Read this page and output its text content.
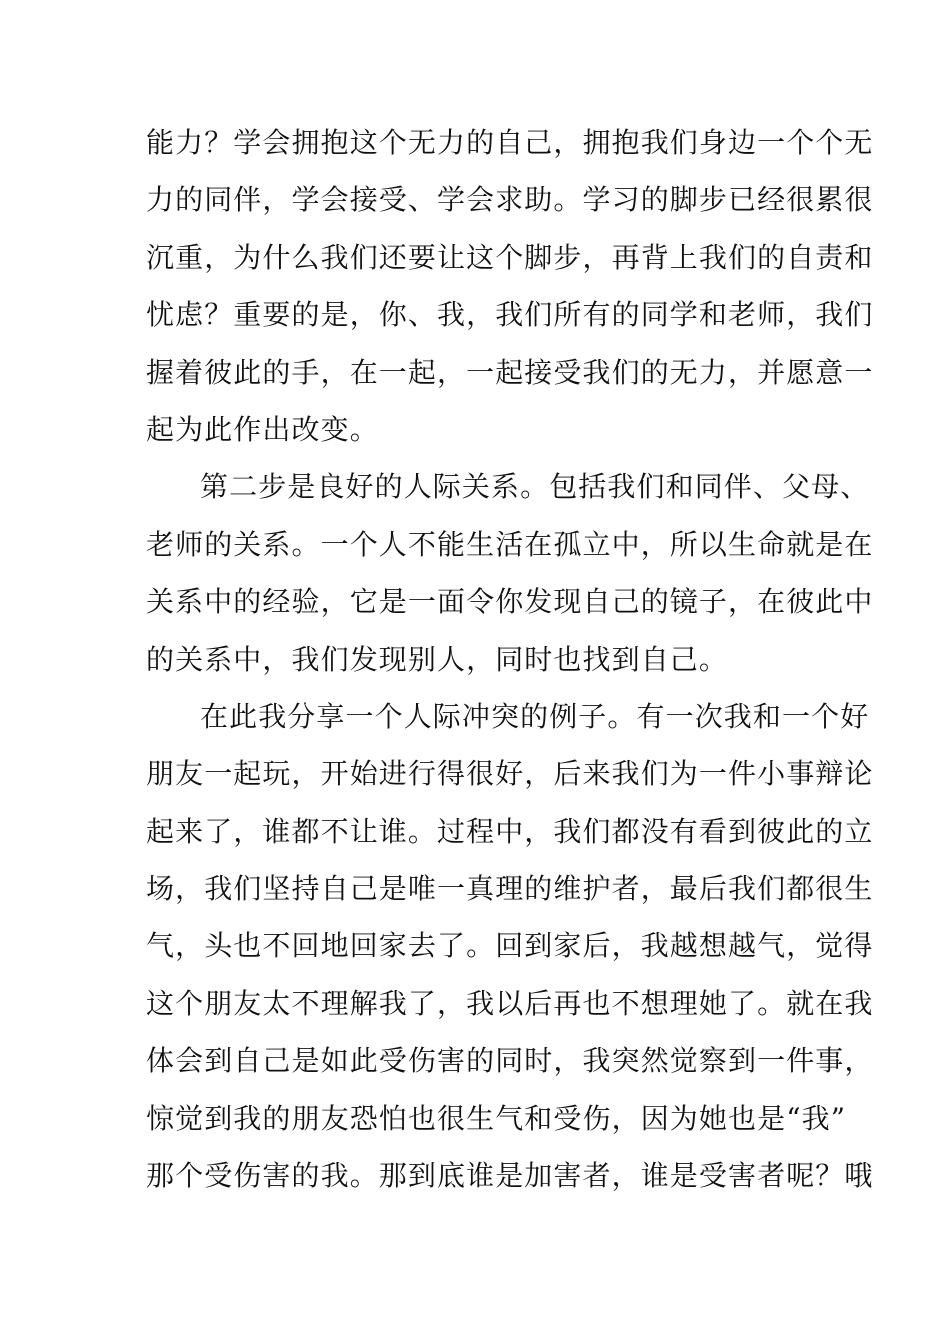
能力？学会拥抱这个无力的自己，拥抱我们身边一个个无
力的同伴，学会接受、学会求助。学习的脚步已经很累很
沉重，为什么我们还要让这个脚步，再背上我们的自责和
忧虑？重要的是，你、我，我们所有的同学和老师，我们
握着彼此的手，在一起，一起接受我们的无力，并愿意一
起为此作出改变。
第二步是良好的人际关系。包括我们和同伴、父母、
老师的关系。一个人不能生活在孤立中，所以生命就是在
关系中的经验，它是一面令你发现自己的镜子，在彼此中
的关系中，我们发现别人，同时也找到自己。
在此我分享一个人际冲突的例子。有一次我和一个好
朋友一起玩，开始进行得很好，后来我们为一件小事辩论
起来了，谁都不让谁。过程中，我们都没有看到彼此的立
场，我们坚持自己是唯一真理的维护者，最后我们都很生
气，头也不回地回家去了。回到家后，我越想越气，觉得
这个朋友太不理解我了，我以后再也不想理她了。就在我
体会到自己是如此受伤害的同时，我突然觉察到一件事，
惊觉到我的朋友恐怕也很生气和受伤，因为她也是“我”
那个受伤害的我。那到底谁是加害者，谁是受害者呢？哦
